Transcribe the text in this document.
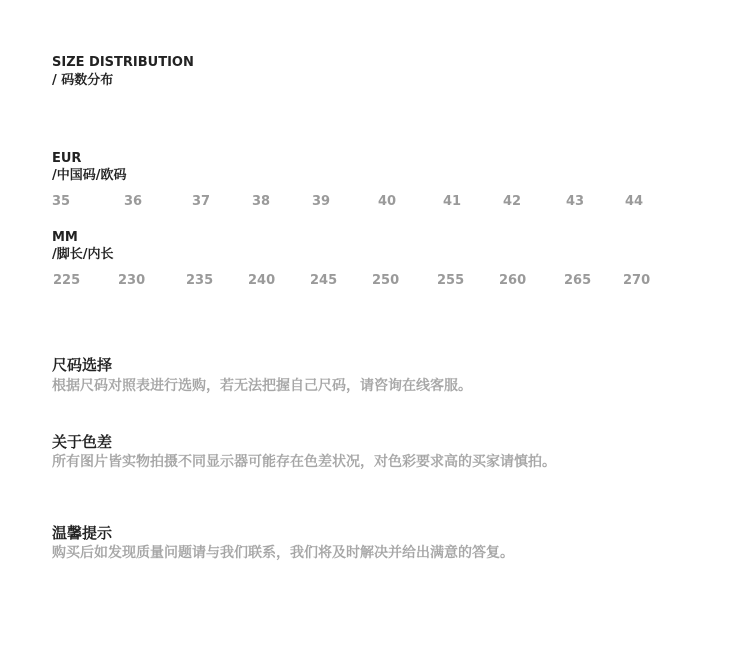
SIZE DISTRIBUTION
/ 码数分布
EUR
/中国码/欧码
35	36	37	38	39	40	41	42	43	44
MM
/脚长/内长
225	230	235	240	245	250	255	260	265 270
尺码选择
根据尺码对照表进行选购，若无法把握自己尺码，请咨询在线客服。
关于色差
所有图片皆实物拍摄不同显示器可能存在色差状况，对色彩要求高的买家请慎拍。
温馨提示
购买后如发现质量问题请与我们联系，我们将及时解决并给出满意的答复。
